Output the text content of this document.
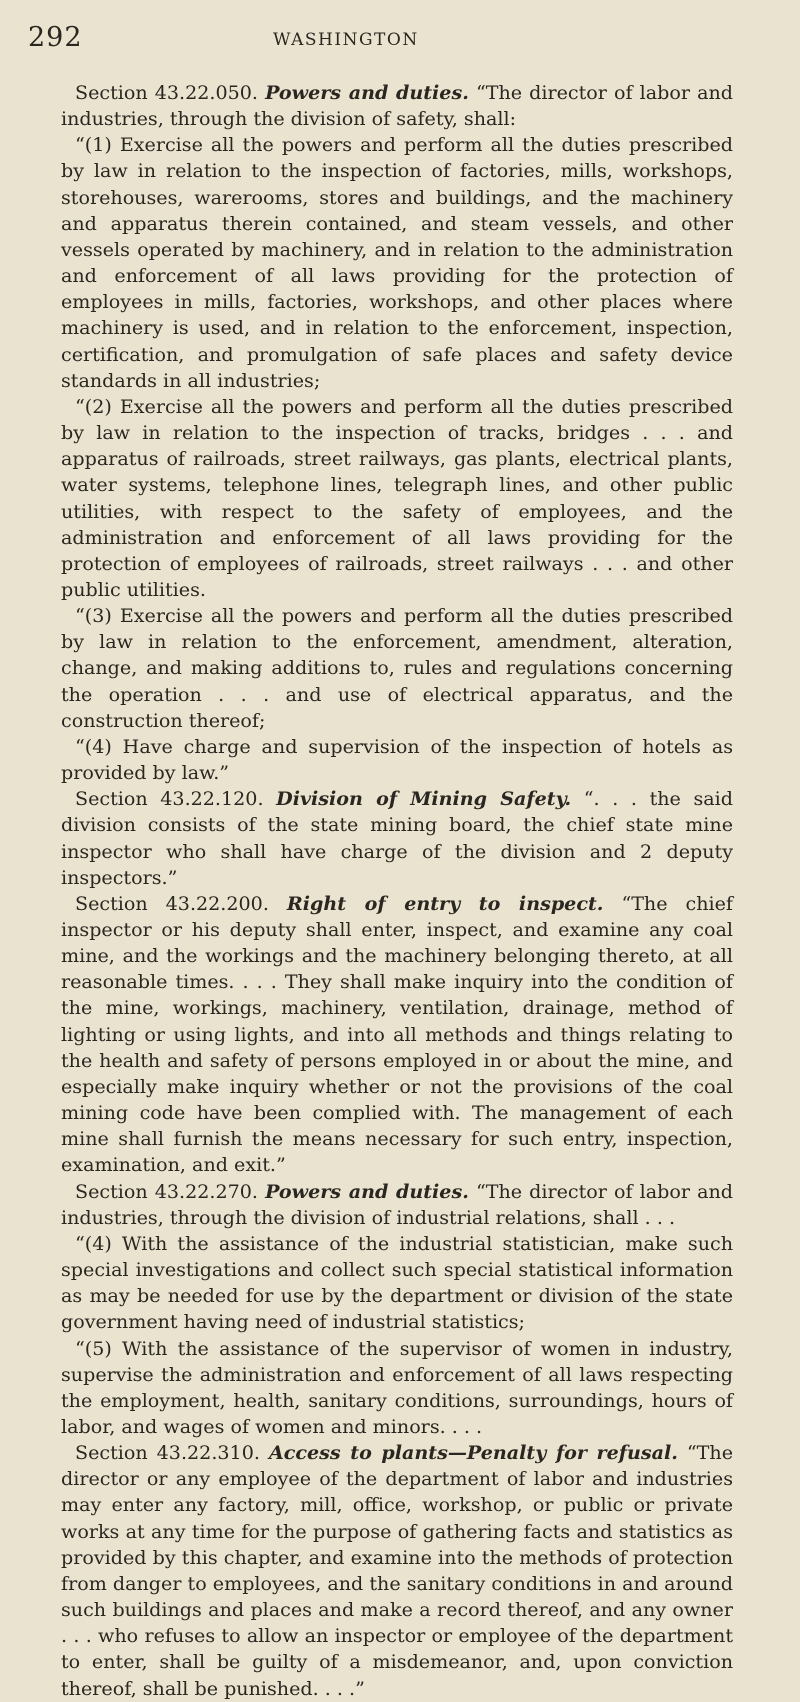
292	WASHINGTON

Section 43.22.050. Powers and duties. “The director of labor and industries, through the division of safety, shall:

“(1) Exercise all the powers and perform all the duties prescribed by law in relation to the inspection of factories, mills, workshops, storehouses, warerooms, stores and buildings, and the machinery and apparatus therein contained, and steam vessels, and other vessels operated by machinery, and in relation to the administration and enforcement of all laws providing for the protection of employees in mills, factories, workshops, and other places where machinery is used, and in relation to the enforcement, inspection, certification, and promulgation of safe places and safety device standards in all industries;

“(2) Exercise all the powers and perform all the duties prescribed by law in relation to the inspection of tracks, bridges . . . and apparatus of railroads, street railways, gas plants, electrical plants, water systems, telephone lines, telegraph lines, and other public utilities, with respect to the safety of employees, and the administration and enforcement of all laws providing for the protection of employees of railroads, street railways . . . and other public utilities.

“(3) Exercise all the powers and perform all the duties prescribed by law in relation to the enforcement, amendment, alteration, change, and making additions to, rules and regulations concerning the operation . . . and use of electrical apparatus, and the construction thereof;

“(4) Have charge and supervision of the inspection of hotels as provided by law.”

Section 43.22.120. Division of Mining Safety. “. . . the said division consists of the state mining board, the chief state mine inspector who shall have charge of the division and 2 deputy inspectors.”

Section 43.22.200. Right of entry to inspect. “The chief inspector or his deputy shall enter, inspect, and examine any coal mine, and the workings and the machinery belonging thereto, at all reasonable times. . . . They shall make inquiry into the condition of the mine, workings, machinery, ventilation, drainage, method of lighting or using lights, and into all methods and things relating to the health and safety of persons employed in or about the mine, and especially make inquiry whether or not the provisions of the coal mining code have been complied with. The management of each mine shall furnish the means necessary for such entry, inspection, examination, and exit.”

Section 43.22.270. Powers and duties. “The director of labor and industries, through the division of industrial relations, shall . . .

“(4) With the assistance of the industrial statistician, make such special investigations and collect such special statistical information as may be needed for use by the department or division of the state government having need of industrial statistics;

“(5) With the assistance of the supervisor of women in industry, supervise the administration and enforcement of all laws respecting the employment, health, sanitary conditions, surroundings, hours of labor, and wages of women and minors. . . .

Section 43.22.310. Access to plants—Penalty for refusal. “The director or any employee of the department of labor and industries may enter any factory, mill, office, workshop, or public or private works at any time for the purpose of gathering facts and statistics as provided by this chapter, and examine into the methods of protection from danger to employees, and the sanitary conditions in and around such buildings and places and make a record thereof, and any owner . . . who refuses to allow an inspector or employee of the department to enter, shall be guilty of a misdemeanor, and, upon conviction thereof, shall be punished. . . .”
